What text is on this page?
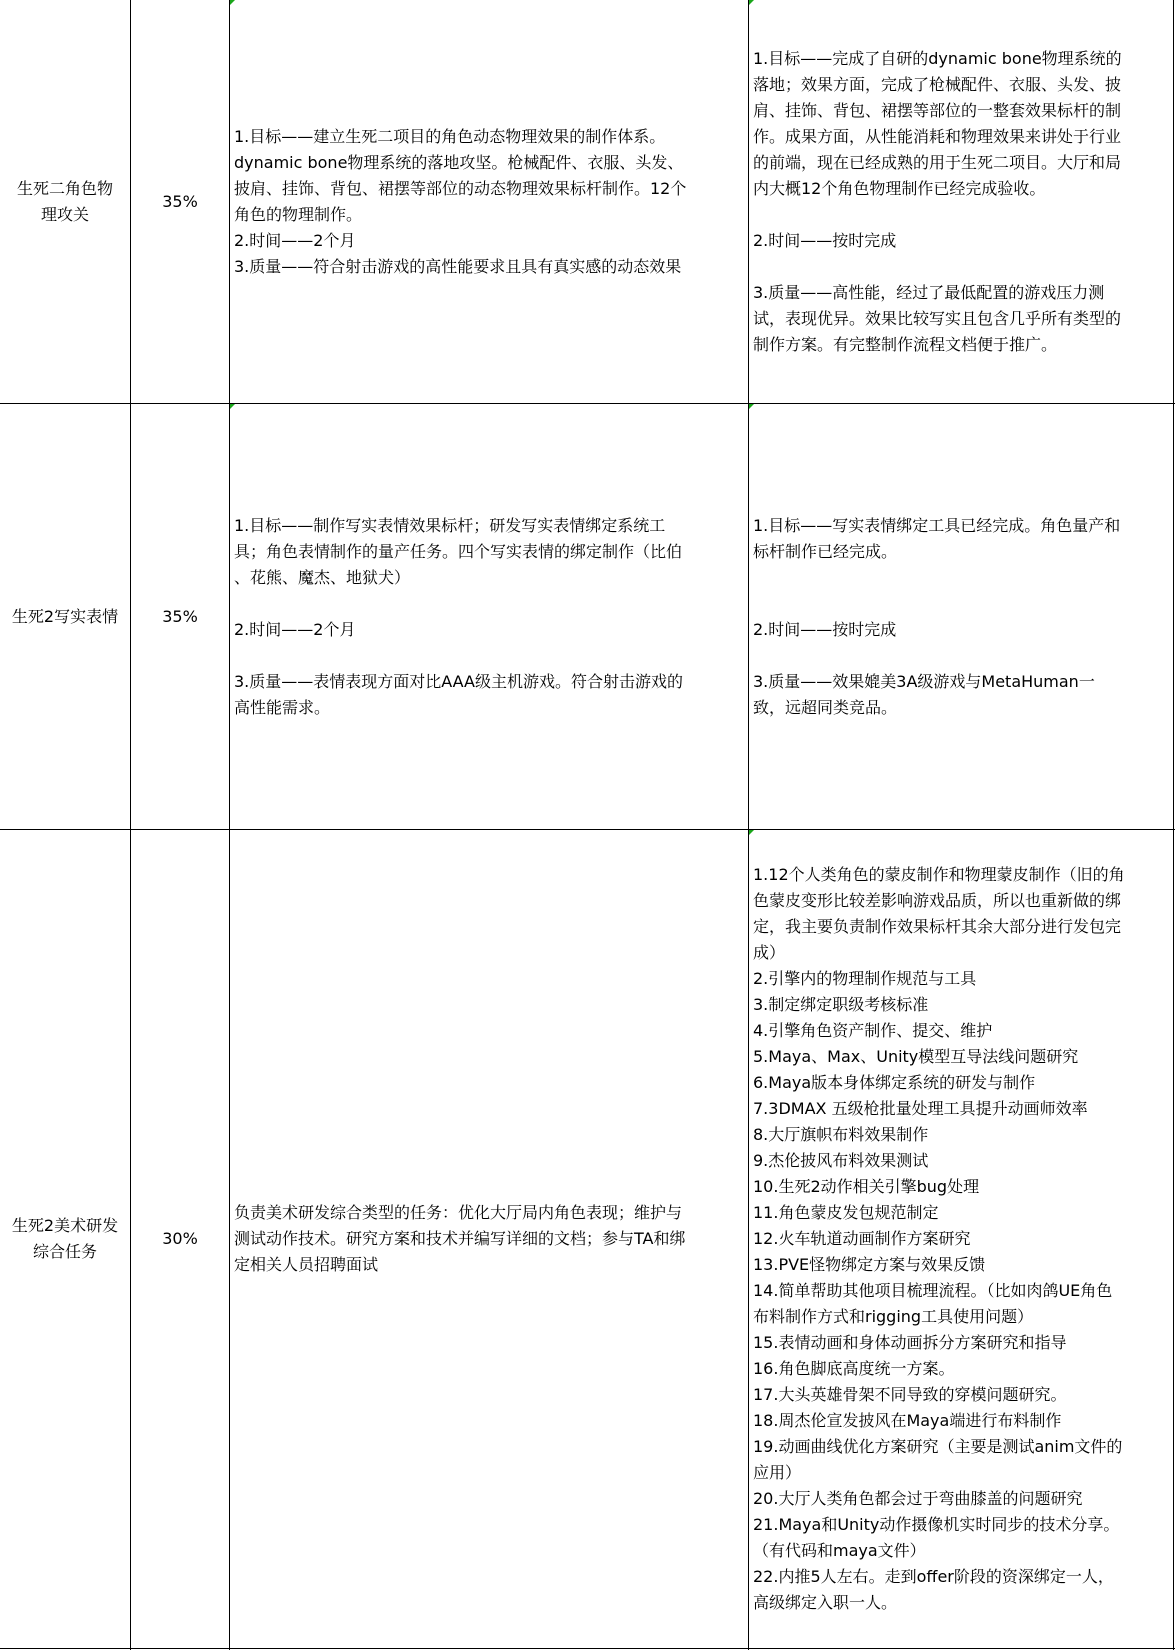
生死二角色物
理攻关
35%
1.目标——建立生死二项目的角色动态物理效果的制作体系。
dynamic bone物理系统的落地攻坚。枪械配件、衣服、头发、
披肩、挂饰、背包、裙摆等部位的动态物理效果标杆制作。12个
角色的物理制作。
2.时间——2个月
3.质量——符合射击游戏的高性能要求且具有真实感的动态效果
1.目标——完成了自研的dynamic bone物理系统的
落地；效果方面，完成了枪械配件、衣服、头发、披
肩、挂饰、背包、裙摆等部位的一整套效果标杆的制
作。成果方面，从性能消耗和物理效果来讲处于行业
的前端，现在已经成熟的用于生死二项目。大厅和局
内大概12个角色物理制作已经完成验收。

2.时间——按时完成

3.质量——高性能，经过了最低配置的游戏压力测
试，表现优异。效果比较写实且包含几乎所有类型的
制作方案。有完整制作流程文档便于推广。
生死2写实表情	35%
1.目标——制作写实表情效果标杆；研发写实表情绑定系统工
具；角色表情制作的量产任务。四个写实表情的绑定制作（比伯
、花熊、魔杰、地狱犬）

2.时间——2个月

3.质量——表情表现方面对比AAA级主机游戏。符合射击游戏的
高性能需求。
1.目标——写实表情绑定工具已经完成。角色量产和
标杆制作已经完成。

2.时间——按时完成

3.质量——效果媲美3A级游戏与MetaHuman一
致，远超同类竞品。
生死2美术研发
综合任务
30%
负责美术研发综合类型的任务：优化大厅局内角色表现；维护与
测试动作技术。研究方案和技术并编写详细的文档；参与TA和绑
定相关人员招聘面试
1.12个人类角色的蒙皮制作和物理蒙皮制作（旧的角
色蒙皮变形比较差影响游戏品质，所以也重新做的绑
定，我主要负责制作效果标杆其余大部分进行发包完
成）
2.引擎内的物理制作规范与工具
3.制定绑定职级考核标准
4.引擎角色资产制作、提交、维护
5.Maya、Max、Unity模型互导法线问题研究
6.Maya版本身体绑定系统的研发与制作
7.3DMAX 五级枪批量处理工具提升动画师效率
8.大厅旗帜布料效果制作
9.杰伦披风布料效果测试
10.生死2动作相关引擎bug处理
11.角色蒙皮发包规范制定
12.火车轨道动画制作方案研究
13.PVE怪物绑定方案与效果反馈
14.简单帮助其他项目梳理流程。（比如肉鸽UE角色
布料制作方式和rigging工具使用问题）
15.表情动画和身体动画拆分方案研究和指导
16.角色脚底高度统一方案。
17.大头英雄骨架不同导致的穿模问题研究。
18.周杰伦宣发披风在Maya端进行布料制作
19.动画曲线优化方案研究（主要是测试anim文件的
应用）
20.大厅人类角色都会过于弯曲膝盖的问题研究
21.Maya和Unity动作摄像机实时同步的技术分享。
（有代码和maya文件）
22.内推5人左右。走到offer阶段的资深绑定一人，
高级绑定入职一人。
